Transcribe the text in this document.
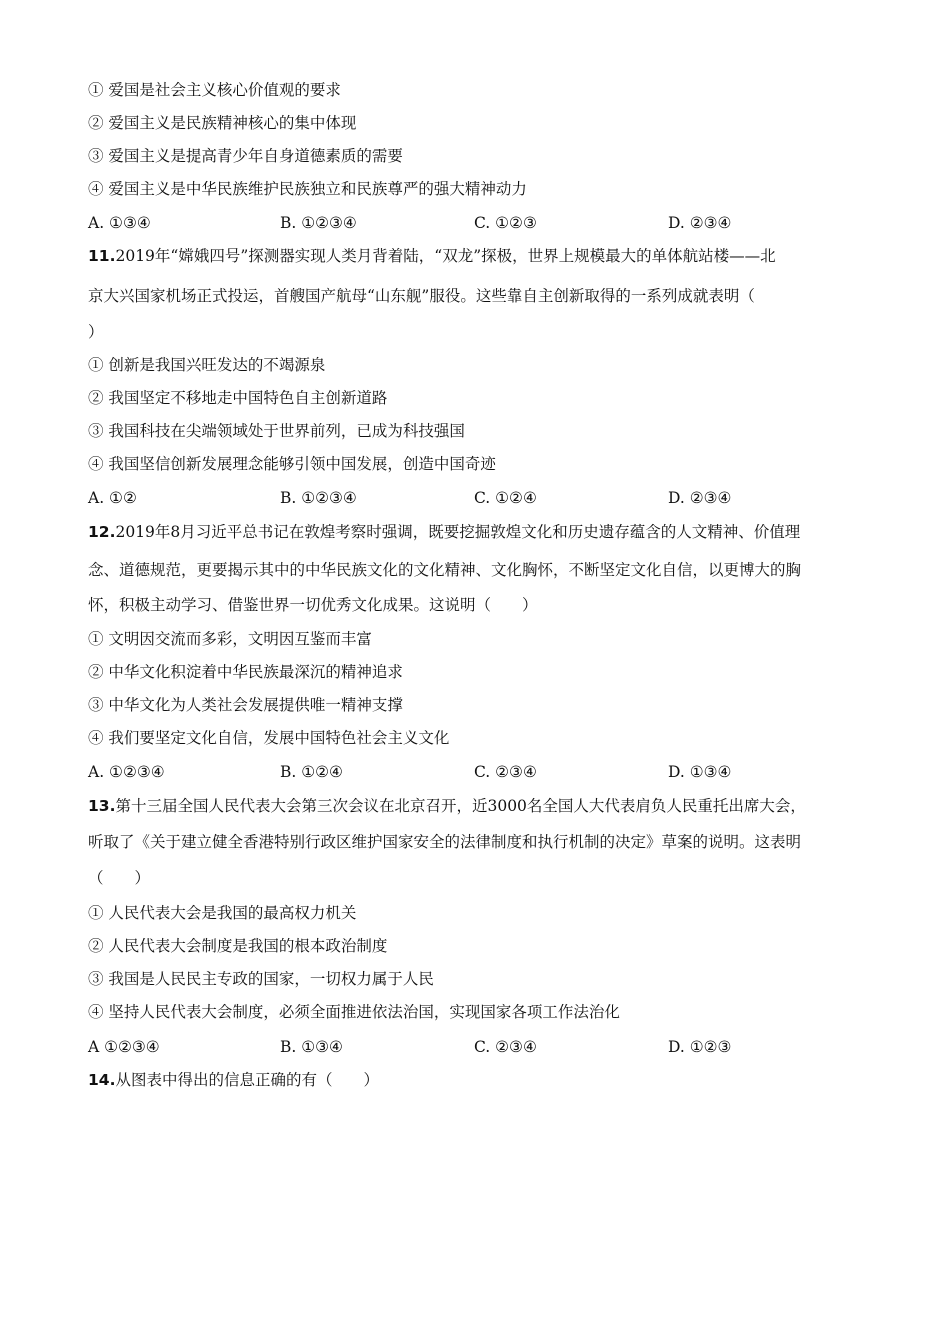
① 爱国是社会主义核心价值观的要求
② 爱国主义是民族精神核心的集中体现
③ 爱国主义是提高青少年自身道德素质的需要
④ 爱国主义是中华民族维护民族独立和民族尊严的强大精神动力
A. ①③④	B. ①②③④	C. ①②③	D. ②③④
11.2019年“嫦娥四号”探测器实现人类月背着陆，“双龙”探极，世界上规模最大的单体航站楼——北
京大兴国家机场正式投运，首艘国产航母“山东舰”服役。这些靠自主创新取得的一系列成就表明（
）
① 创新是我国兴旺发达的不竭源泉
② 我国坚定不移地走中国特色自主创新道路
③ 我国科技在尖端领域处于世界前列，已成为科技强国
④ 我国坚信创新发展理念能够引领中国发展，创造中国奇迹
A. ①②	B. ①②③④	C. ①②④	D. ②③④
12.2019年8月习近平总书记在敦煌考察时强调，既要挖掘敦煌文化和历史遗存蕴含的人文精神、价值理
念、道德规范，更要揭示其中的中华民族文化的文化精神、文化胸怀，不断坚定文化自信，以更博大的胸
怀，积极主动学习、借鉴世界一切优秀文化成果。这说明（　　）
① 文明因交流而多彩，文明因互鉴而丰富
② 中华文化积淀着中华民族最深沉的精神追求
③ 中华文化为人类社会发展提供唯一精神支撑
④ 我们要坚定文化自信，发展中国特色社会主义文化
A. ①②③④	B. ①②④	C. ②③④	D. ①③④
13.第十三届全国人民代表大会第三次会议在北京召开，近3000名全国人大代表肩负人民重托出席大会，
听取了《关于建立健全香港特别行政区维护国家安全的法律制度和执行机制的决定》草案的说明。这表明
（　　）
① 人民代表大会是我国的最高权力机关
② 人民代表大会制度是我国的根本政治制度
③ 我国是人民民主专政的国家，一切权力属于人民
④ 坚持人民代表大会制度，必须全面推进依法治国，实现国家各项工作法治化
A ①②③④	B. ①③④	C. ②③④	D. ①②③
14.从图表中得出的信息正确的有（　　）
